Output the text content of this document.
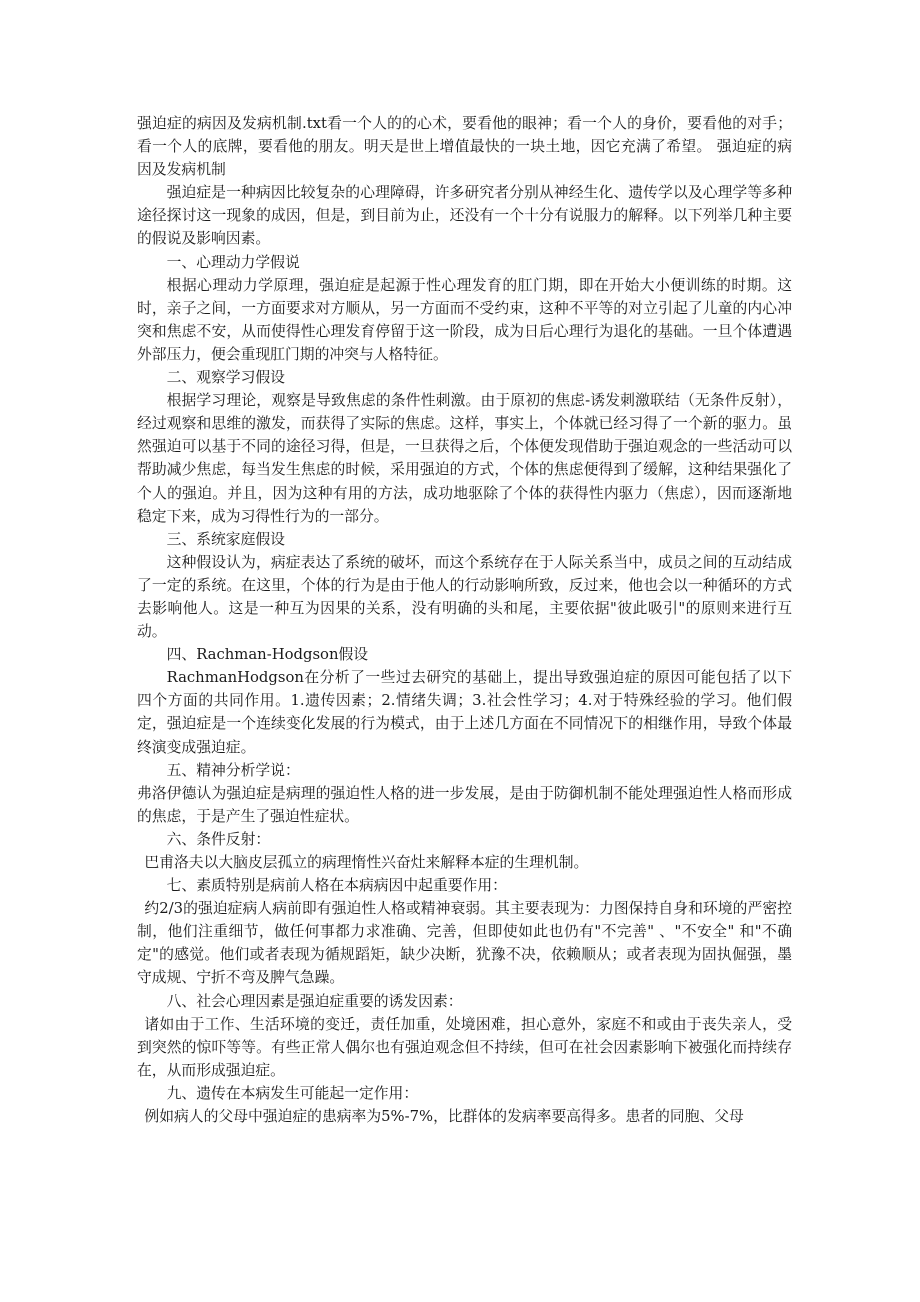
强迫症的病因及发病机制.txt看一个人的的心术，要看他的眼神；看一个人的身价，要看他的对手；看一个人的底牌，要看他的朋友。明天是世上增值最快的一块土地，因它充满了希望。 强迫症的病因及发病机制

强迫症是一种病因比较复杂的心理障碍，许多研究者分别从神经生化、遗传学以及心理学等多种途径探讨这一现象的成因，但是，到目前为止，还没有一个十分有说服力的解释。以下列举几种主要的假说及影响因素。

一、心理动力学假说

根据心理动力学原理，强迫症是起源于性心理发育的肛门期，即在开始大小便训练的时期。这时，亲子之间，一方面要求对方顺从，另一方面而不受约束，这种不平等的对立引起了儿童的内心冲突和焦虑不安，从而使得性心理发育停留于这一阶段，成为日后心理行为退化的基础。一旦个体遭遇外部压力，便会重现肛门期的冲突与人格特征。

二、观察学习假设

根据学习理论，观察是导致焦虑的条件性刺激。由于原初的焦虑-诱发刺激联结（无条件反射），经过观察和思维的激发，而获得了实际的焦虑。这样，事实上，个体就已经习得了一个新的驱力。虽然强迫可以基于不同的途径习得，但是，一旦获得之后，个体便发现借助于强迫观念的一些活动可以帮助减少焦虑，每当发生焦虑的时候，采用强迫的方式，个体的焦虑便得到了缓解，这种结果强化了个人的强迫。并且，因为这种有用的方法，成功地驱除了个体的获得性内驱力（焦虑），因而逐渐地稳定下来，成为习得性行为的一部分。

三、系统家庭假设

这种假设认为，病症表达了系统的破坏，而这个系统存在于人际关系当中，成员之间的互动结成了一定的系统。在这里，个体的行为是由于他人的行动影响所致，反过来，他也会以一种循环的方式去影响他人。这是一种互为因果的关系，没有明确的头和尾，主要依据"彼此吸引"的原则来进行互动。

四、Rachman-Hodgson假设

RachmanHodgson在分析了一些过去研究的基础上，提出导致强迫症的原因可能包括了以下四个方面的共同作用。1.遗传因素；2.情绪失调；3.社会性学习；4.对于特殊经验的学习。他们假定，强迫症是一个连续变化发展的行为模式，由于上述几方面在不同情况下的相继作用，导致个体最终演变成强迫症。

五、精神分析学说：

弗洛伊德认为强迫症是病理的强迫性人格的进一步发展，是由于防御机制不能处理强迫性人格而形成的焦虑，于是产生了强迫性症状。

六、条件反射：

巴甫洛夫以大脑皮层孤立的病理惰性兴奋灶来解释本症的生理机制。

七、素质特别是病前人格在本病病因中起重要作用：

约2/3的强迫症病人病前即有强迫性人格或精神衰弱。其主要表现为：力图保持自身和环境的严密控制，他们注重细节，做任何事都力求准确、完善，但即使如此也仍有"不完善" 、"不安全" 和"不确定"的感觉。他们或者表现为循规蹈矩，缺少决断，犹豫不决，依赖顺从；或者表现为固执倔强，墨守成规、宁折不弯及脾气急躁。

八、社会心理因素是强迫症重要的诱发因素：

诸如由于工作、生活环境的变迁，责任加重，处境困难，担心意外，家庭不和或由于丧失亲人，受到突然的惊吓等等。有些正常人偶尔也有强迫观念但不持续，但可在社会因素影响下被强化而持续存在，从而形成强迫症。

九、遗传在本病发生可能起一定作用：

例如病人的父母中强迫症的患病率为5%-7%，比群体的发病率要高得多。患者的同胞、父母
